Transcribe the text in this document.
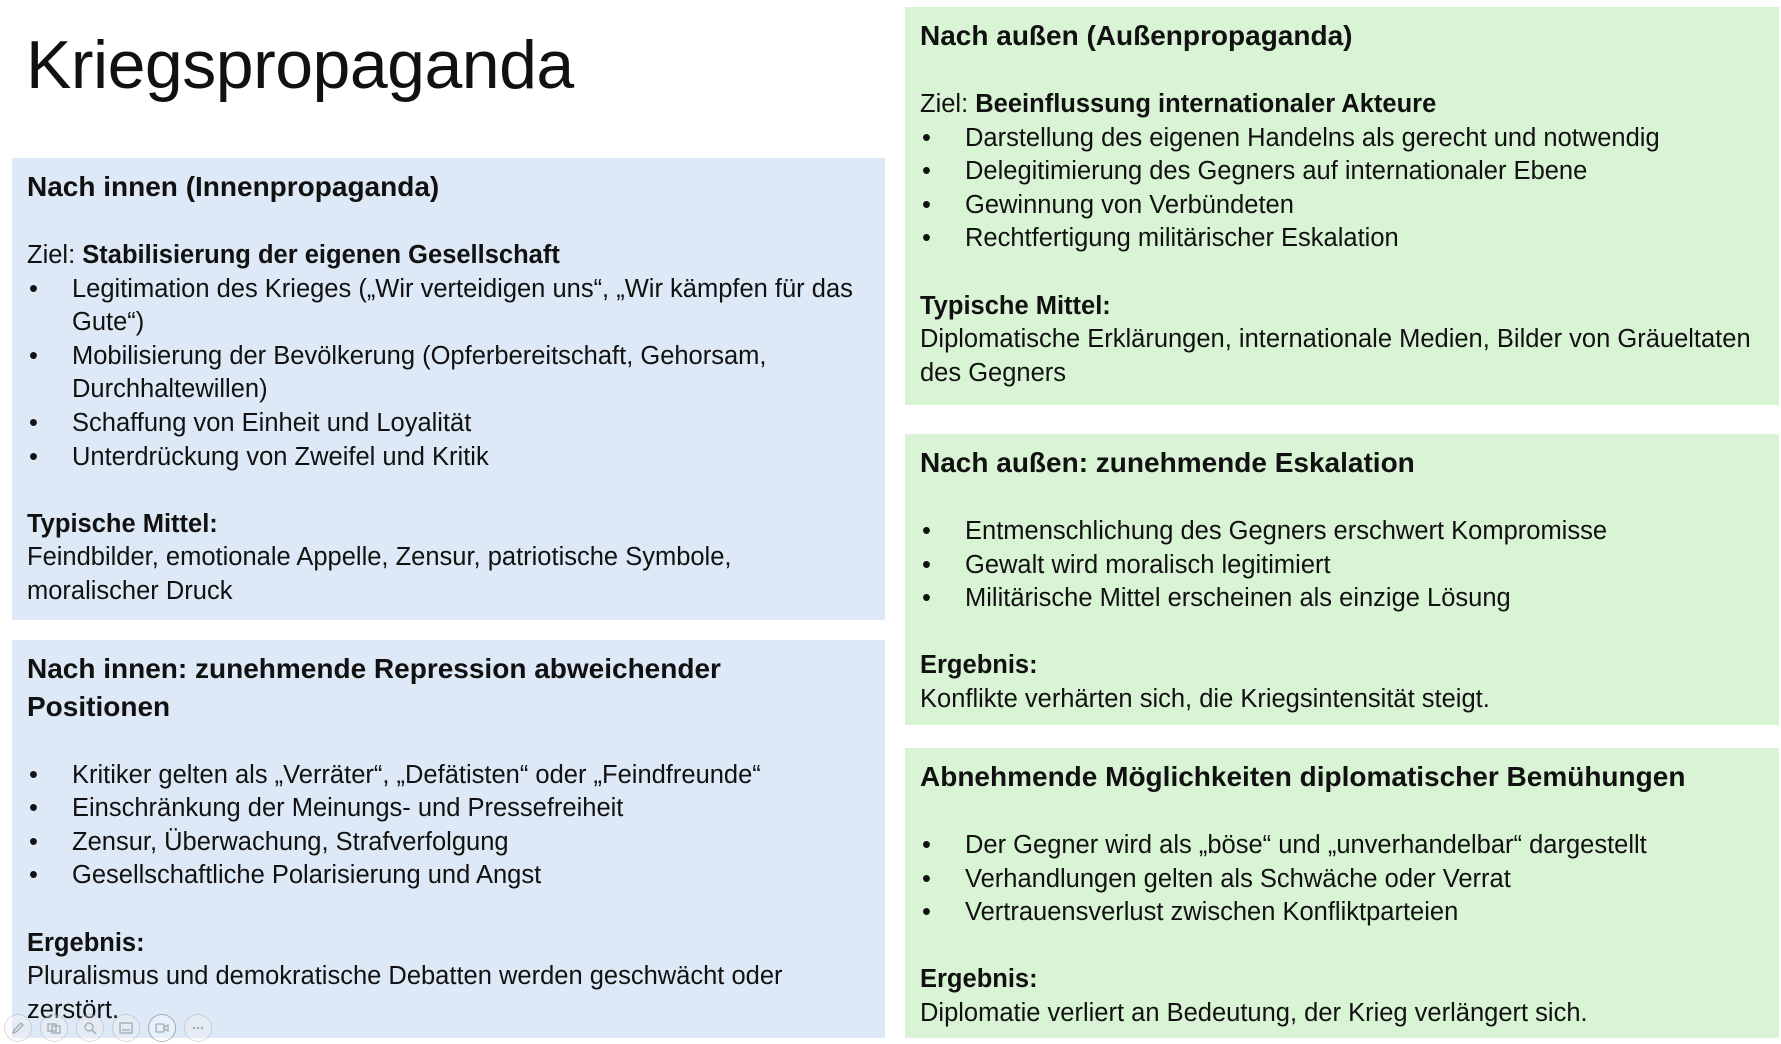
Kriegspropaganda

Nach innen (Innenpropaganda)

Ziel: Stabilisierung der eigenen Gesellschaft

• Legitimation des Krieges („Wir verteidigen uns“, „Wir kämpfen für das Gute“)
• Mobilisierung der Bevölkerung (Opferbereitschaft, Gehorsam, Durchhaltewillen)
• Schaffung von Einheit und Loyalität
• Unterdrückung von Zweifel und Kritik

Typische Mittel:

Feindbilder, emotionale Appelle, Zensur, patriotische Symbole, moralischer Druck

Nach innen: zunehmende Repression abweichender Positionen

• Kritiker gelten als „Verräter“, „Defätisten“ oder „Feindfreunde“
• Einschränkung der Meinungs- und Pressefreiheit
• Zensur, Überwachung, Strafverfolgung
• Gesellschaftliche Polarisierung und Angst

Ergebnis:

Pluralismus und demokratische Debatten werden geschwächt oder zerstört.

Nach außen (Außenpropaganda)

Ziel: Beeinflussung internationaler Akteure

• Darstellung des eigenen Handelns als gerecht und notwendig
• Delegitimierung des Gegners auf internationaler Ebene
• Gewinnung von Verbündeten
• Rechtfertigung militärischer Eskalation

Typische Mittel:

Diplomatische Erklärungen, internationale Medien, Bilder von Gräueltaten des Gegners

Nach außen: zunehmende Eskalation

• Entmenschlichung des Gegners erschwert Kompromisse
• Gewalt wird moralisch legitimiert
• Militärische Mittel erscheinen als einzige Lösung

Ergebnis:

Konflikte verhärten sich, die Kriegsintensität steigt.

Abnehmende Möglichkeiten diplomatischer Bemühungen

• Der Gegner wird als „böse“ und „unverhandelbar“ dargestellt
• Verhandlungen gelten als Schwäche oder Verrat
• Vertrauensverlust zwischen Konfliktparteien

Ergebnis:

Diplomatie verliert an Bedeutung, der Krieg verlängert sich.
